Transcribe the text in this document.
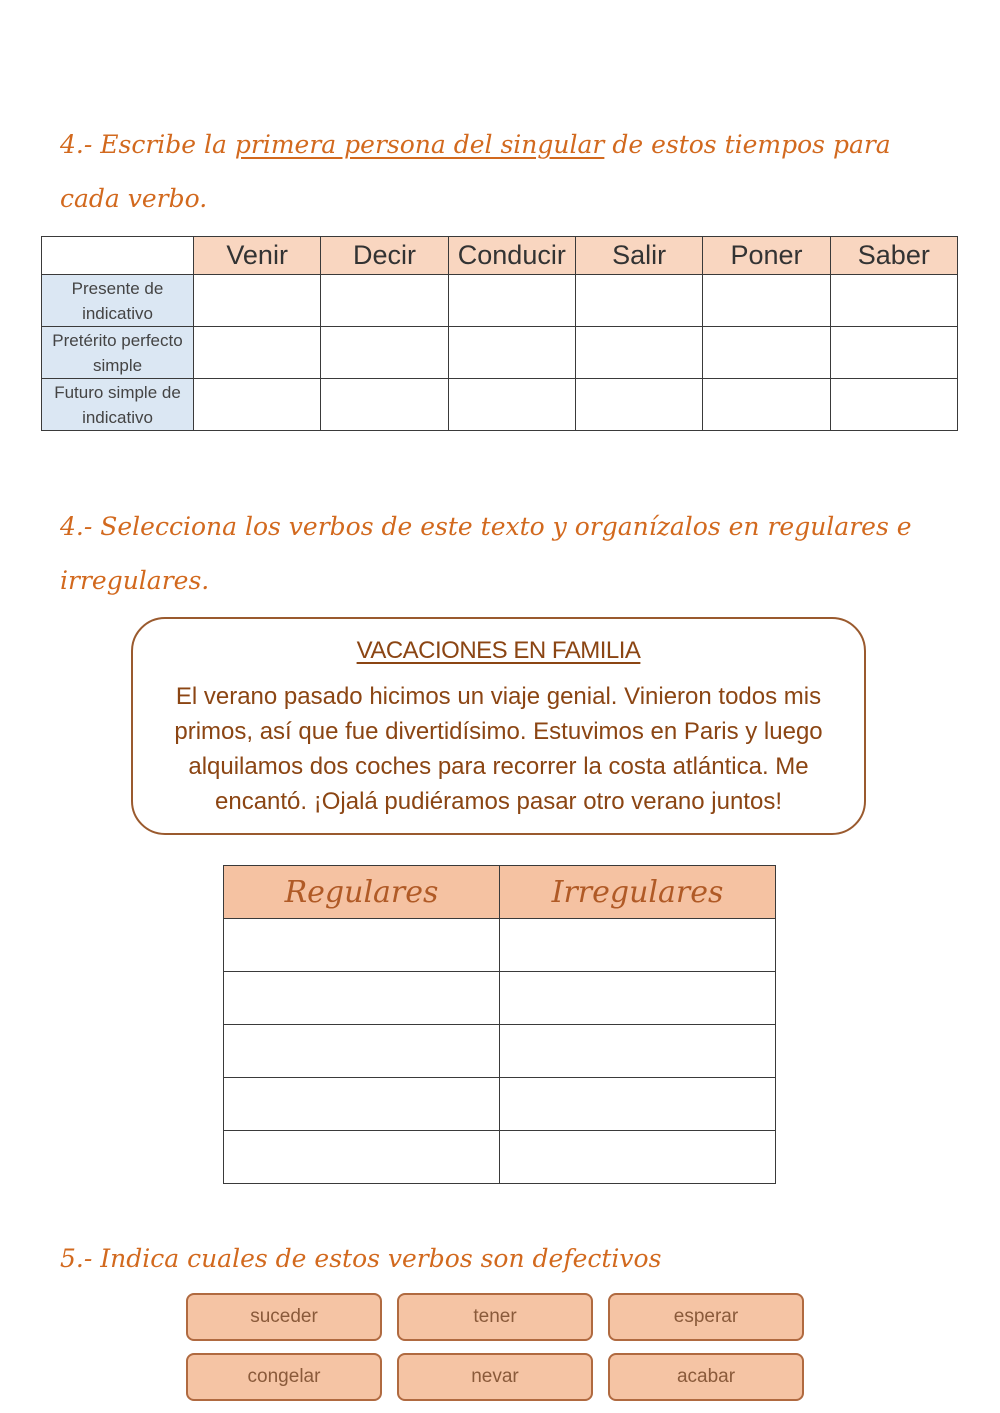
4.- Escribe la primera persona del singular de estos tiempos para cada verbo.

	Venir	Decir	Conducir	Salir	Poner	Saber
Presente de indicativo						
Pretérito perfecto simple						
Futuro simple de indicativo						

4.- Selecciona los verbos de este texto y organízalos en regulares e irregulares.

VACACIONES EN FAMILIA
El verano pasado hicimos un viaje genial. Vinieron todos mis primos, así que fue divertidísimo. Estuvimos en Paris y luego alquilamos dos coches para recorrer la costa atlántica. Me encantó. ¡Ojalá pudiéramos pasar otro verano juntos!
Regulares	Irregulares

5.- Indica cuales de estos verbos son defectivos

suceder	tener	esperar
congelar	nevar	acabar
